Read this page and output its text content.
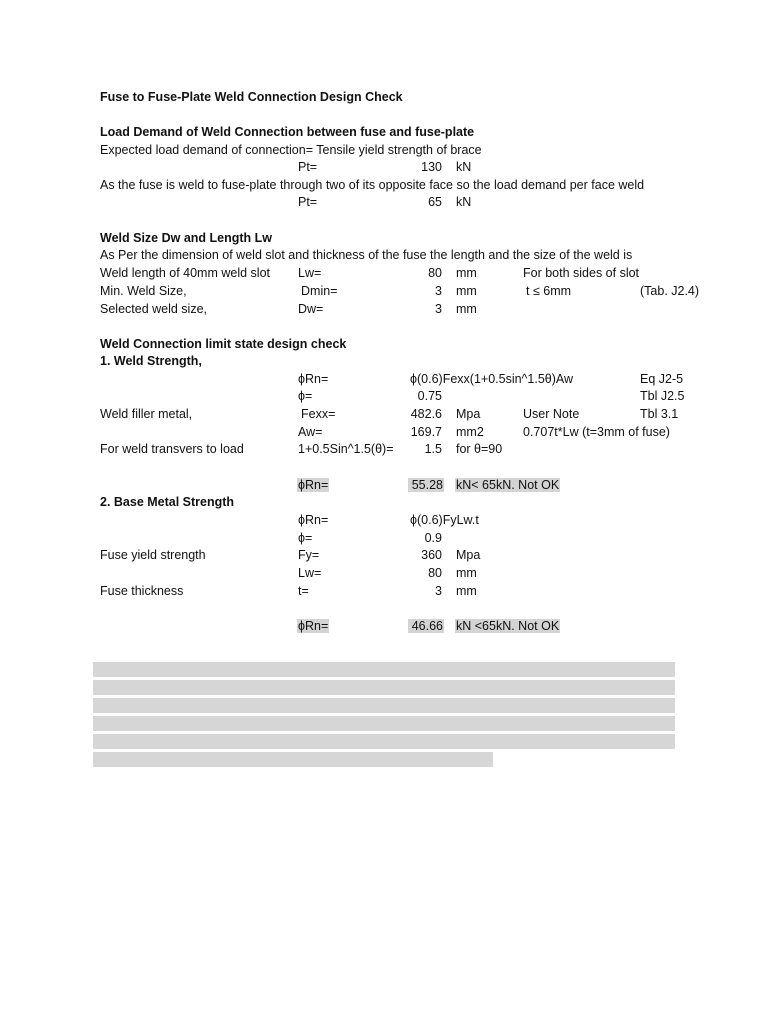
Fuse to Fuse-Plate Weld Connection Design Check
Load Demand of Weld Connection between fuse and fuse-plate
Expected load demand of connection= Tensile yield strength of brace
Pt=	130 kN
As the fuse is weld to fuse-plate through two of its opposite face so the load demand per face weld
Pt=	65 kN
Weld Size Dw and Length Lw
As Per the dimension of weld slot and thickness of the fuse the length and the size of the weld is
Weld length of 40mm weld slot Lw=	80 mm	For both sides of slot
Min. Weld Size,	Dmin=	3 mm	t ≤ 6mm	(Tab. J2.4)
Selected weld size,	Dw=	3 mm
Weld Connection limit state design check
1. Weld Strength,
ϕRn=	ϕ(0.6)Fexx(1+0.5sin^1.5θ)Aw	Eq J2-5
ϕ=	0.75	Tbl J2.5
Weld filler metal,	Fexx=	482.6 Mpa	User Note	Tbl 3.1
Aw=	169.7 mm2	0.707t*Lw (t=3mm of fuse)
For weld transvers to load	1+0.5Sin^1.5(θ)=	1.5 for θ=90
ϕRn=	55.28 kN< 65kN. Not OK
2. Base Metal Strength
ϕRn=	ϕ(0.6)FyLw.t
ϕ=	0.9
Fuse yield strength	Fy=	360 Mpa
Lw=	80 mm
Fuse thickness	t=	3 mm
ϕRn=	46.66 kN <65kN. Not OK
